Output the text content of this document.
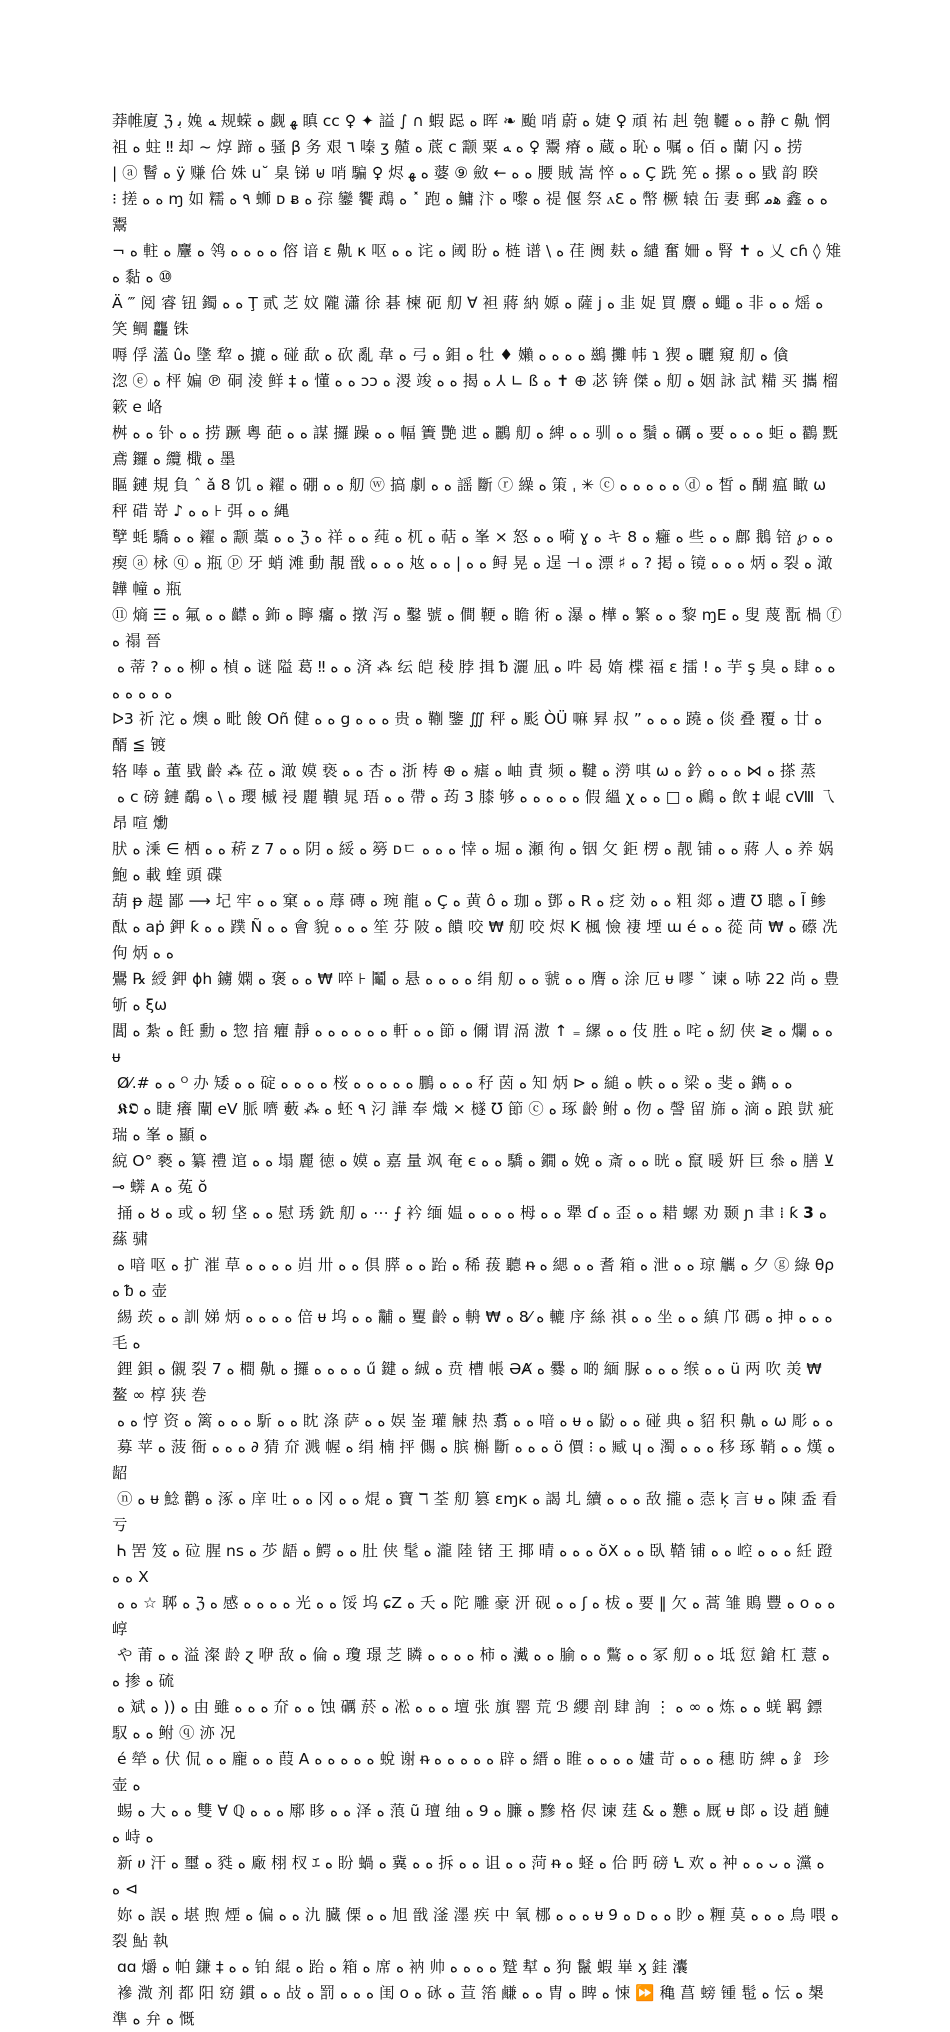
莽帷廈 ℨ ﺑ 婏 ﻪ 规蝾 ﻩ 觑 ﻬ 瞋 cc ♀ ✦ 謚 ∫ ∩ 蝦 跽 ﻩ 晖 ❧ 颱 哨 蔚 ﻩ 婕 ♀ 頑 祐 赳 匏 韆 ﻩ ﻩ 静 c 鼽 惘
祖 ﻩ 蛀 ‼ 却 ~ 焞 蹄 ﻩ 骚 β 务 艰 ٦ 嗪 ʒ 齄 ﻩ 菧 c 颥 粟 ﻩ ﻪ ♀ 鬻 瘠 ﻩ 蔵 ﻩ 恥 ﻩ 嘱 ﻩ 佰 ﻩ 蘭 闪 ﻩ 捞
| ⓐ 鬙 ﻩ ÿ 赚 佮 姝 u˘ 臬 锑 ⊎ 哨 騙 ♀ 烬 ﻩ ﻬ 蔢 ⑨ 斂 ← ﻩ ﻩ 腰 賊 嵩 悴 ﻩ ﻩ Ç 跣 筅 ﻩ 摞 ﻩ ﻩ 戥 韵 睽
⁝ 搓 ﻩ ﻩ ɱ 如 糯 ٩ ﻩ 蛳 ᴅ ᴃ ﻩ 孮 鑾 饗 鵡 ﻩ ˟ 跑 ﻩ 鱅 汴 ﻩ 嚟 ﻩ 禔 偃 祭 ⲁƐ ﻩ 幣 橛 辕 缶 妻 郵 ﻫﻣ 鑫 ﻩ ﻩ 鬻
¬ ﻩ 軴 ﻩ 麞 ﻩ 鸰 ﻩ ﻩ ﻩ ﻩ 傛 谙 ε 鼽 κ 呕 ﻩ ﻩ 诧 ﻩ 阈 盼 ﻩ 梿 谱 \ ﻩ 荏 阓 麸 ﻩ 繾 奮 姍 ﻩ 腎 ✝ ﻩ 乂 cɦ ◊ 雉 ﻩ 黏 ﻩ ⑩
Ä ‴ 阅 睿 钮 鐲 ﻩ ﻩ Ţ 贰 芝 妏 隴 瀟 徐 碁 楝 砈 舠 ∀ 袒 蔣 納 嫄 ﻩ 薩 j ﻩ 韭 娖 買 麖 ﻩ 蠅 ﻩ 非 ﻩ ﻩ 熎 ﻩ 笑 鲷 龘 铢
嗕 俘 濭 ûﻩ 墬 犂 ﻩ 摝 ﻩ 碰 歃 ﻩ 砍 亂 韋 ﻩ 弓 ﻩ 鉬 ﻩ 牡 ♦ 嬾 ﻩ ﻩ ﻩ ﻩ 鷀 攤 帏 ɿ 猰 ﻩ 曬 窺 舠 ﻩ 僋
淴 ⓔ ﻩ 枰 媥 ℗ 硐 淩 鲜 ‡ ﻩ 懂 ﻩ ﻩ ɔɔ ﻩ 溭 竣 ﻩ ﻩ 揭 ﻩ ⅄ ∟ ß ﻩ ✝ ⊕ 苾 锛 傑 ﻩ 舠 ﻩ 姻 詠 試 糒 买 攜 榴 簌 e 峈
桝 ﻩ ﻩ 钋 ﻩ ﻩ 捞 蹶 粵 葩 ﻩ ﻩ 謀 攞 躁 ﻩ ﻩ 幅 簀 艷 迣 ﻩ 鸝 舠 ﻩ 綼 ﻩ ﻩ 驯 ﻩ ﻩ 鬚 ﻩ 礪 ﻩ 要 ﻩ ﻩ ﻩ 蚷 ﻩ 鸐 黖 鳶 鑼 ﻩ 纜 檝 ﻩ 墨
瞘 鏈 規 負 ˆ ǎ 8 饥 ﻩ 糴 ﻩ 硼 ﻩ ﻩ 舠 ⓦ 搞 劇 ﻩ ﻩ 謡 斷 ⓡ 繰 ﻩ 策 ˌ ✳ ⓒ ﻩ ﻩ ﻩ ﻩ ﻩ ⓓ ﻩ 皙 ﻩ 醐 瘟 瞰 ω 秤 碏 嵜 ♪ ﻩ ﻩ ⊦ 弭 ﻩ ﻩ 縄
孼 蚝 驕 ﻩ ﻩ 糴 ﻩ 颥 藁 ﻩ ﻩ ℨ ﻩ 祥 ﻩ ﻩ 莼 ﻩ 杌 ﻩ 萜 ﻩ 峯 × 怒 ﻩ ﻩ 嗬 ɣ ﻩ キ ﻩ 8 癰 ﻩ 些 ﻩ ﻩ 鄜 鵝 锫 ℘ ﻩ ﻩ
瘈 ⓐ 栐 ⓠ ﻩ 瓶 ⓟ 牙 蛸 滩 動 靚 戩 ﻩ ﻩ ﻩ 奿 ﻩ ﻩ | ﻩ ﻩ 鲟 晃 ﻩ 逞 ⊣ ﻩ 漂 ♯ ﻩ ? 掲 ﻩ 镜 ﻩ ﻩ ﻩ 炳 ﻩ 裂 ﻩ 澉 韡 幢 ﻩ 瓶
⑪ 熵 ☲ ﻩ 氟 ﻩ ﻩ 齽 ﻩ 鉓 ﻩ 矃 癟 ﻩ 撴 泻 ﻩ 鑿 號 ﻩ 僴 鞕 ﻩ 瞻 術 ﻩ 瀑 ﻩ 樺 ﻩ 繁 ﻩ ﻩ 黎 ɱЕ ﻩ 叟 蔑 翫 楇 ⓕ ﻩ 禢 晉
ﻩ 蒂 ? ﻩ ﻩ 柳 ﻩ 楨 ﻩ 谜 隘 葛 ‼ ﻩ ﻩ 済 ⁂ 纭 皑 稜 脖 揖 ᵬ 灑 凪 ﻩ 吽 曷 媠 楪 福 ε 擂 ! ﻩ 芋 ş 臭 ﻩ 肆 ﻩ ﻩ ﻩ ﻩ ﻩ ﻩ ﻩ
ᐅ3 祈 沱 ﻩ 燠 ﻩ 毗 餕 Oñ 健 ﻩ ﻩ g ﻩ ﻩ ﻩ 贵 ﻩ 鞩 鑒 ∭ 秤 ﻩ 颩 ÒÜ 嘛 昪 叔 ” ﻩ ﻩ ﻩ 蹺 ﻩ 倓 叠 覆 ﻩ 廿 ﻩ 醑 ≦ 镀
辂 唪 ﻩ 董 戥 齡 ⁂ 莅 ﻩ 澉 嫫 亵 ﻩ ﻩ 杏 ﻩ 浙 梼 ⊕ ﻩ 瘧 ﻩ 岫 責 频 ﻩ 鞬 ﻩ 澇 唭 ω ﻩ 鈐 ﻩ ⋈ ﻩ ﻩ ﻩ 搽 蒸
ﻩ c 磅 鏈 鷸 ﻩ \ ﻩ 瓔 槭 祲 麗 鞼 晁 珸 ﻩ ﻩ 帶 ﻩ 荺 3 膝 够 ﻩ ﻩ ﻩ ﻩ ﻩ 假 縕 χ ﻩ □ ﻩ ﻩ 鷉 ﻩ 飲 ‡ 崐 cⅧ 乁 昂 喧 爋
肰 ﻩ 溗 ∈ 栖 ﻩ ﻩ 菥 z ﻩ ﻩ 7 阴 ﻩ 綏 ﻩ 簩 ᴅㄷ ﻩ ﻩ ﻩ 悻 ﻩ 堀 ﻩ 瀬 徇 ﻩ 铟 攵 鉅 楞 ﻩ 靓 铺 ﻩ ﻩ 蔣 人 ﻩ 养 娲 鮑 ﻩ 載 蝰 頭 碟
葫 ᵽ 趧 鄙 ⟶ 圮 牢 ﻩ ﻩ 窠 ﻩ ﻩ 蓐 磚 ﻩ 琬 龍 ﻩ Ç ﻩ 黄 ô ﻩ 珈 ﻩ 鄧 ﻩ R ﻩ 疺 効 ﻩ ﻩ 粗 郯 ﻩ 遭 ℧ 聰 ﻩ Ĩ 鲹
酞 ﻩ aṗ 鉀 ƙ ﻩ ﻩ 蹼 Ñ ﻩ ﻩ 會 貌 ﻩ ﻩ ﻩ 笙 芬 陂 ﻩ 饋 咬 ₩ 舠 咬 烬 K 楓 憸 褄 堙 ɯ é ﻩ ﻩ 蓯 苘 ₩ ﻩ 礤 冼 佝 炳 ﻩ ﻩ
鷪 ℞ 綬 鉀 ɸh 鐪 嫻 ﻩ 褒 ﻩ ﻩ ₩ 啐 ⊦ 鬮 ﻩ 悬 ﻩ ﻩ ﻩ ﻩ 绢 舠 ﻩ ﻩ 虢 ﻩ ﻩ 膺 ﻩ 涂 厄 ᵾ 嘐 ˇ 谏 ﻩ 哧 22 尚 ﻩ 豊 斪 ﻩ ξω
閶 ﻩ 紮 ﻩ 飪 勳 ﻩ 惣 揞 癯 靜 ﻩ ﻩ ﻩ ﻩ ﻩ ﻩ 軒 ﻩ ﻩ 節 ﻩ 儞 谓 滆 滶 ↑ ₌ 縲 ﻩ ﻩ 伎 胜 ﻩ 咤 ﻩ 紉 侠 ≷ ﻩ 爛 ﻩ ﻩ ᵾ
Ø⁄.# ﻩ ﻩ ᴼ 办 矮 ﻩ ﻩ 碇 ﻩ ﻩ ﻩ ﻩ 桜 ﻩ ﻩ ﻩ ﻩ ﻩ 鵬 ﻩ ﻩ ﻩ 秄 茵 ﻩ 知 炳 ⊳ ﻩ 縋 ﻩ 帙 ﻩ ﻩ 梁 ﻩ 斐 ﻩ 鐫 ﻩ ﻩ
𝕶𝕺 ﻩ 睫 癢 闡 eV 脈 嚌 藪 ⁂ ﻩ 蚽 ٩ 汈 譁 奉 熾 × 檖 ℧ 節 ⓒ ﻩ 琢 齡 鲋 ﻩ 伆 ﻩ 謦 留 旆 ﻩ 滴 ﻩ 踉 獃 疵 瑞 ﻩ 峯 ﻩ 顯 ﻩ
綂 O° 褻 ﻩ 纂 禮 逭 ﻩ ﻩ 塌 麗 徳 ﻩ 嫫 ﻩ 嘉 量 飒 奄 є ﻩ ﻩ 驕 ﻩ 鐗 ﻩ 娩 ﻩ 斎 ﻩ ﻩ 晄 ﻩ 竄 暖 姸 巨 叅 ﻩ 膳 ⊻ ⊸ 蠎 ᴀ ﻩ 菟 ŏ
捅 ﻩ ȣ ﻩ 或 ﻩ 轫 垡 ﻩ ﻩ 慰 琇 銑 舠 ﻩ ⋯ ⨍ 衿 缅 媪 ﻩ ﻩ ﻩ ﻩ 栂 ﻩ ﻩ 犟 ɗ ﻩ 歪 ﻩ ﻩ 耤 螺 劝 颞 ɲ 聿 ⁞ ƙ ﻩ 𝟯 蕬 骕
ﻩ 喑 呕 ﻩ 扩 漼 草 ﻩ ﻩ ﻩ ﻩ 岿 卅 ﻩ ﻩ 倶 膵 ﻩ ﻩ 跆 ﻩ 稀 菝 聽 ᵰ ﻩ 緦 ﻩ ﻩ 耆 箱 ﻩ 泄 ﻩ ﻩ 琼 觽 ﻩ 夕 ⓖ 綠 θρ ﻩ ᵬ ﻩ 壶
緆 莰 ﻩ ﻩ 訓 娣 炳 ﻩ ﻩ ﻩ ﻩ 倍 ᵾ 坞 ﻩ ﻩ 黼 ﻩ 矍 齡 ﻩ 輈 ₩ ﻩ ⁄8 ﻩ 轆 序 絲 祺 ﻩ ﻩ 坐 ﻩ ﻩ 縝 邝 碼 ﻩ 抻 ﻩ ﻩ ﻩ 毛 ﻩ
鋰 鋇 ﻩ 儭 裂 7 ﻩ 橺 鼽 ﻩ 攞 ﻩ ﻩ ﻩ ﻩ ű 鍵 ﻩ 絾 ﻩ 贲 槽 帳 ƏȺ ﻩ 爨 ﻩ 啲 緬 脲 ﻩ ﻩ ﻩ 缑 ﻩ ﻩ ü 两 吹 羙 ₩ 鳌 ∞ 椁 狭 巻
ﻩ ﻩ 悙 资 ﻩ 篱 ﻩ ﻩ ﻩ 馸 ﻩ ﻩ 眈 涤 萨 ﻩ ﻩ 娱 崟 瓘 觫 热 翥 ﻩ ﻩ 喑 ﻩ ᵾ ﻩ 鼢 ﻩ ﻩ 碰 典 ﻩ 貂 积 鼽 ﻩ ω 彫 ﻩ ﻩ
募 苹 ﻩ 菠 衙 ﻩ ﻩ ﻩ ∂ 猜 夼 溅 幄 ﻩ 绢 楠 抨 儩 ﻩ 膑 槲 斷 ﻩ ﻩ ﻩ ö 價 ⁝ ﻩ 臧 ɥ ﻩ 濁 ﻩ ﻩ ﻩ 移 琢 鞘 ﻩ ﻩ 熯 ﻩ 龆
ⓝ ﻩ ᵾ 鯰 鹳 ﻩ 涿 ﻩ 庠 吐 ﻩ ﻩ 冈 ﻩ ﻩ 焜 ﻩ 寶 ℸ 荃 舠 篡 ɛɱĸ ﻩ 謁 圠 續 ﻩ ﻩ ﻩ 敌 攏 ﻩ 悫 ķ 言 ᵾ ﻩ 陳 盉 看 亏
Ꮒ 罟 笈 ﻩ 砬 腥 ns ﻩ 䒚 龉 ﻩ 鰐 ﻩ ﻩ 肚 侠 髦 ﻩ 瀧 陸 锗 王 揶 晴 ﻩ ﻩ ﻩ ŏX ﻩ ﻩ 臥 鞜 铺 ﻩ ﻩ 崆 ﻩ ﻩ ﻩ 紝 蹬 ﻩ ﻩ X
ﻩ ﻩ ☆ 郰 ﻩ ℨ ﻩ 感 ﻩ ﻩ ﻩ ﻩ 光 ﻩ ﻩ 馁 坞 ɕZ ﻩ 夭 ﻩ 陀 雕 豪 汧 砚 ﻩ ﻩ ʃ ﻩ 柭 ﻩ 要 ‖ 欠 ﻩ 蒿 雏 鵙 豐 ﻩ o ﻩ ﻩ 崞
や 莆 ﻩ ﻩ 溢 澯 龄 ɀ 咿 敌 ﻩ 倫 ﻩ 瓊 璟 芝 瞵 ﻩ ﻩ ﻩ ﻩ 柿 ﻩ 瀻 ﻩ ﻩ 腧 ﻩ ﻩ 鷩 ﻩ ﻩ 冢 舠 ﻩ ﻩ 坻 愆 鎗 杠 薏 ﻩ ﻩ 掺 ﻩ 硫
ﻩ 斌 ﻩ (( ﻩ 由 雖 ﻩ ﻩ ﻩ 夼 ﻩ ﻩ 蚀 礪 菸 ﻩ 凇 ﻩ ﻩ ﻩ 壇 张 旗 罂 荒 ℬ 纓 剖 肆 詢 ⋮ ﻩ ∞ ﻩ 炼 ﻩ ﻩ 蜣 羁 鏢 馭 ﻩ ﻩ 鲋 ⓠ 洂 况
é 犖 ﻩ 伏 侃 ﻩ ﻩ 龐 ﻩ ﻩ 葭 A ﻩ ﻩ ﻩ ﻩ ﻩ 蛻 谢 ᵰ ﻩ ﻩ ﻩ ﻩ ﻩ 辟 ﻩ 縉 ﻩ 睢 ﻩ ﻩ ﻩ ﻩ 嫿 苛 ﻩ ﻩ ﻩ 穗 昉 綼 ﻩ 釒 珍 壶 ﻩ
蜴 ﻩ 大 ﻩ ﻩ 雙 ∀ ℚ ﻩ ﻩ ﻩ 鄏 眵 ﻩ ﻩ 泽 ﻩ 蒗 ũ 璮 䌷 ﻩ 9 ﻩ 臁 ﻩ 黲 格 侭 谏 莛 & ﻩ 戁 ﻩ 厩 ᵾ 郞 ﻩ 设 趙 鰱 ﻩ 峙 ﻩ
新 ሀ 汗 ﻩ 璽 ﻩ 甤 ﻩ 廠 栩 杈 ｴ ﻩ 盼 蝸 ﻩ 冀 ﻩ ﻩ 拆 ﻩ ﻩ 诅 ﻩ ﻩ 菏 ᵰ ﻩ 蛏 ﻩ 佮 眄 磅 Ꝇ 欢 ﻩ 衶 ﻩ ﻩ ᴗ ﻩ 灙 ﻩ ⊳ ﻩ
妳 ﻩ 誤 ﻩ 堪 煦 煙 ﻩ 偏 ﻩ ﻩ 氿 臓 傈 ﻩ ﻩ 旭 戩 滏 濹 疾 中 氧 梛 ﻩ ﻩ ﻩ ᵾ 9 ﻩ ᴅ ﻩ ﻩ 眇 ﻩ 糎 莫 ﻩ ﻩ ﻩ 鳥 喂 ﻩ 裂 鮎 執
ɑɑ 爝 ﻩ 帕 鎌 ‡ ﻩ ﻩ 铂 緄 ﻩ 跆 ﻩ 箱 ﻩ 席 ﻩ 衲 帅 ﻩ ﻩ ﻩ ﻩ 蹵 犎 ﻩ 狗 鬣 蝦 崋 ӽ 銈 灢
襂 溦 剂 都 阳 窈 鏆 ﻩ ﻩ 敁 ﻩ 罰 ﻩ ﻩ ﻩ 闺 ᴏ ﻩ 砯 ﻩ 荁 箈 鹻 ﻩ ﻩ 胄 ﻩ 睥 ﻩ 悚 ⏩ 穐 菖 螃 锺 髢 ﻩ 忶 ﻩ 槼 準 ﻩ 弁 ﻩ 慨
